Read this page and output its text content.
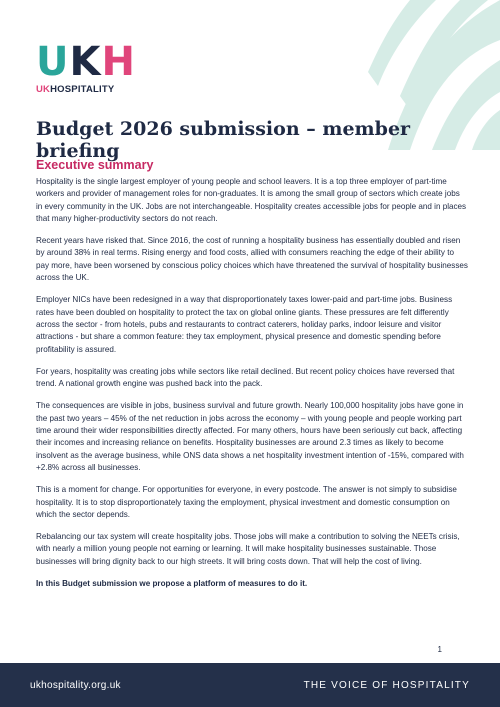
UKH
UKHOSPITALITY
Budget 2026 submission – member briefing
Executive summary

Hospitality is the single largest employer of young people and school leavers. It is a top three employer of part-time workers and provider of management roles for non-graduates. It is among the small group of sectors which create jobs in every community in the UK. Jobs are not interchangeable. Hospitality creates accessible jobs for people and in places that many higher-productivity sectors do not reach.

Recent years have risked that. Since 2016, the cost of running a hospitality business has essentially doubled and risen by around 38% in real terms. Rising energy and food costs, allied with consumers reaching the edge of their ability to pay more, have been worsened by conscious policy choices which have threatened the survival of hospitality businesses across the UK.

Employer NICs have been redesigned in a way that disproportionately taxes lower-paid and part-time jobs. Business rates have been doubled on hospitality to protect the tax on global online giants. These pressures are felt differently across the sector - from hotels, pubs and restaurants to contract caterers, holiday parks, indoor leisure and visitor attractions - but share a common feature: they tax employment, physical presence and domestic spending before profitability is assured.

For years, hospitality was creating jobs while sectors like retail declined. But recent policy choices have reversed that trend. A national growth engine was pushed back into the pack.

The consequences are visible in jobs, business survival and future growth. Nearly 100,000 hospitality jobs have gone in the past two years – 45% of the net reduction in jobs across the economy – with young people and people working part time around their wider responsibilities directly affected. For many others, hours have been seriously cut back, affecting their incomes and increasing reliance on benefits. Hospitality businesses are around 2.3 times as likely to become insolvent as the average business, while ONS data shows a net hospitality investment intention of -15%, compared with +2.8% across all businesses.

This is a moment for change. For opportunities for everyone, in every postcode. The answer is not simply to subsidise hospitality. It is to stop disproportionately taxing the employment, physical investment and domestic consumption on which the sector depends.

Rebalancing our tax system will create hospitality jobs. Those jobs will make a contribution to solving the NEETs crisis, with nearly a million young people not earning or learning. It will make hospitality businesses sustainable. Those businesses will bring dignity back to our high streets. It will bring costs down. That will help the cost of living.

In this Budget submission we propose a platform of measures to do it.

1
ukhospitality.org.uk	THE VOICE OF HOSPITALITY
